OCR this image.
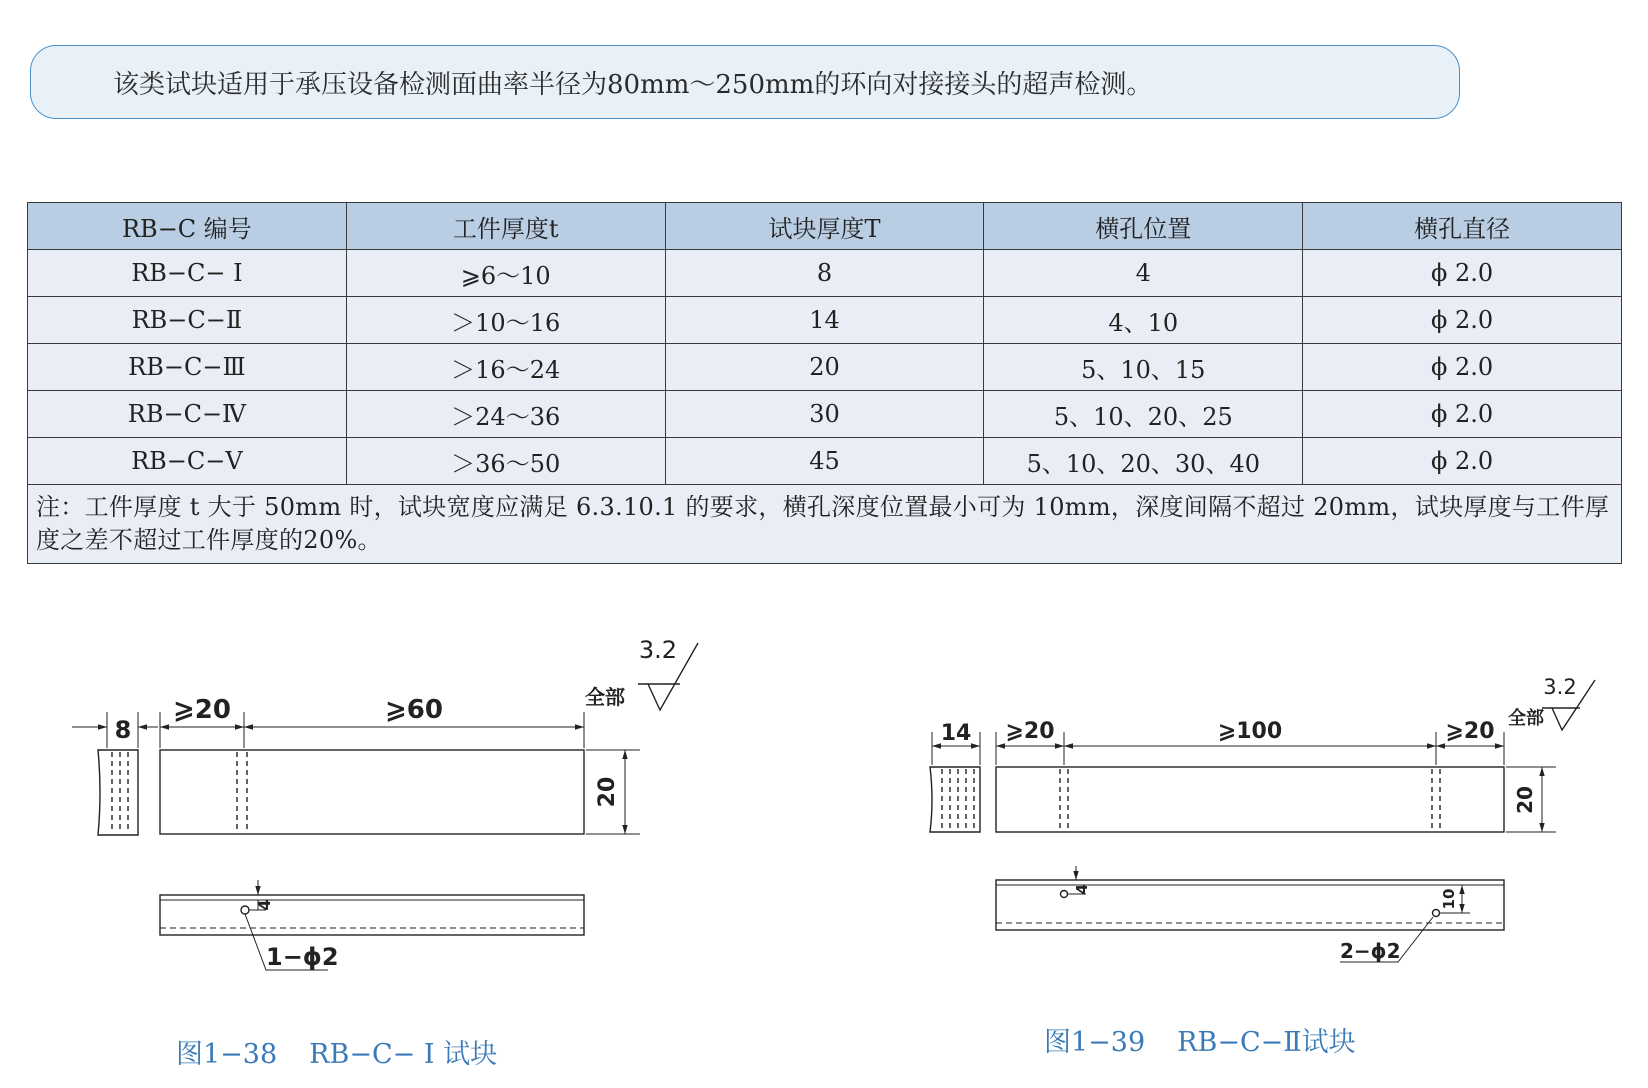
该类试块适用于承压设备检测面曲率半径为80mm～250mm的环向对接接头的超声检测。
RB−C 编号	工件厚度t	试块厚度T	横孔位置	横孔直径
RB−C− Ⅰ	⩾6～10	8	4	ϕ 2.0
RB−C−Ⅱ	＞10～16	14	4、10	ϕ 2.0
RB−C−Ⅲ	＞16～24	20	5、10、15	ϕ 2.0
RB−C−Ⅳ	＞24～36	30	5、10、20、25	ϕ 2.0
RB−C−Ⅴ	＞36～50	45	5、10、20、30、40	ϕ 2.0
注：工件厚度 t 大于 50mm 时，试块宽度应满足 6.3.10.1 的要求，横孔深度位置最小可为 10mm，深度间隔不超过 20mm，试块厚度与工件厚度之差不超过工件厚度的20%。				
8
⩾20	⩾60
20
4
1−ϕ2
全部
3.2
14 ⩾20	⩾100	⩾20
20
4	10
2−ϕ2
全部
3.2
图1−38 RB−C− Ⅰ 试块	图1−39 RB−C−Ⅱ试块
